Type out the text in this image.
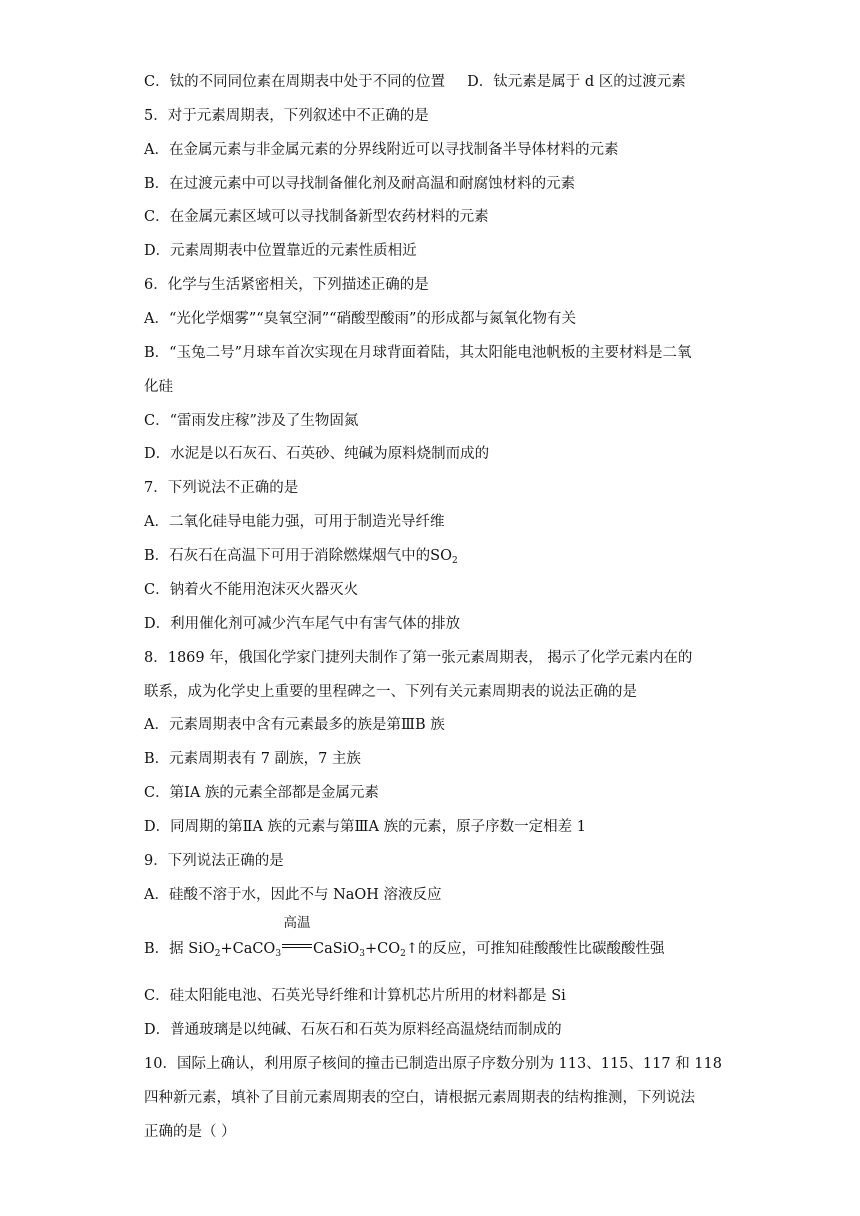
C．钛的不同同位素在周期表中处于不同的位置 D．钛元素是属于 d 区的过渡元素
5．对于元素周期表，下列叙述中不正确的是
A．在金属元素与非金属元素的分界线附近可以寻找制备半导体材料的元素
B．在过渡元素中可以寻找制备催化剂及耐高温和耐腐蚀材料的元素
C．在金属元素区域可以寻找制备新型农药材料的元素
D．元素周期表中位置靠近的元素性质相近
6．化学与生活紧密相关，下列描述正确的是
A．“光化学烟雾”“臭氧空洞”“硝酸型酸雨”的形成都与氮氧化物有关
B．“玉兔二号”月球车首次实现在月球背面着陆，其太阳能电池帆板的主要材料是二氧
化硅
C．“雷雨发庄稼”涉及了生物固氮
D．水泥是以石灰石、石英砂、纯碱为原料烧制而成的
7．下列说法不正确的是
A．二氧化硅导电能力强，可用于制造光导纤维
B．石灰石在高温下可用于消除燃煤烟气中的$SO_2$
C．钠着火不能用泡沫灭火器灭火
D．利用催化剂可减少汽车尾气中有害气体的排放
8．1869 年，俄国化学家门捷列夫制作了第一张元素周期表， 揭示了化学元素内在的
联系，成为化学史上重要的里程碑之一、下列有关元素周期表的说法正确的是
A．元素周期表中含有元素最多的族是第ⅢB 族
B．元素周期表有 7 副族，7 主族
C．第ⅠA 族的元素全部都是金属元素
D．同周期的第ⅡA 族的元素与第ⅢA 族的元素，原子序数一定相差 1
9．下列说法正确的是
A．硅酸不溶于水，因此不与 NaOH 溶液反应
B．据 SiO$_2$+CaCO$_3$
高温
$CaSiO_3+CO_2↑$的反应，可推知硅酸酸性比碳酸酸性强
C．硅太阳能电池、石英光导纤维和计算机芯片所用的材料都是 Si
D．普通玻璃是以纯碱、石灰石和石英为原料经高温烧结而制成的
10．国际上确认，利用原子核间的撞击已制造出原子序数分别为 113、115、117 和 118
四种新元素，填补了目前元素周期表的空白，请根据元素周期表的结构推测，下列说法
正确的是（ ）
